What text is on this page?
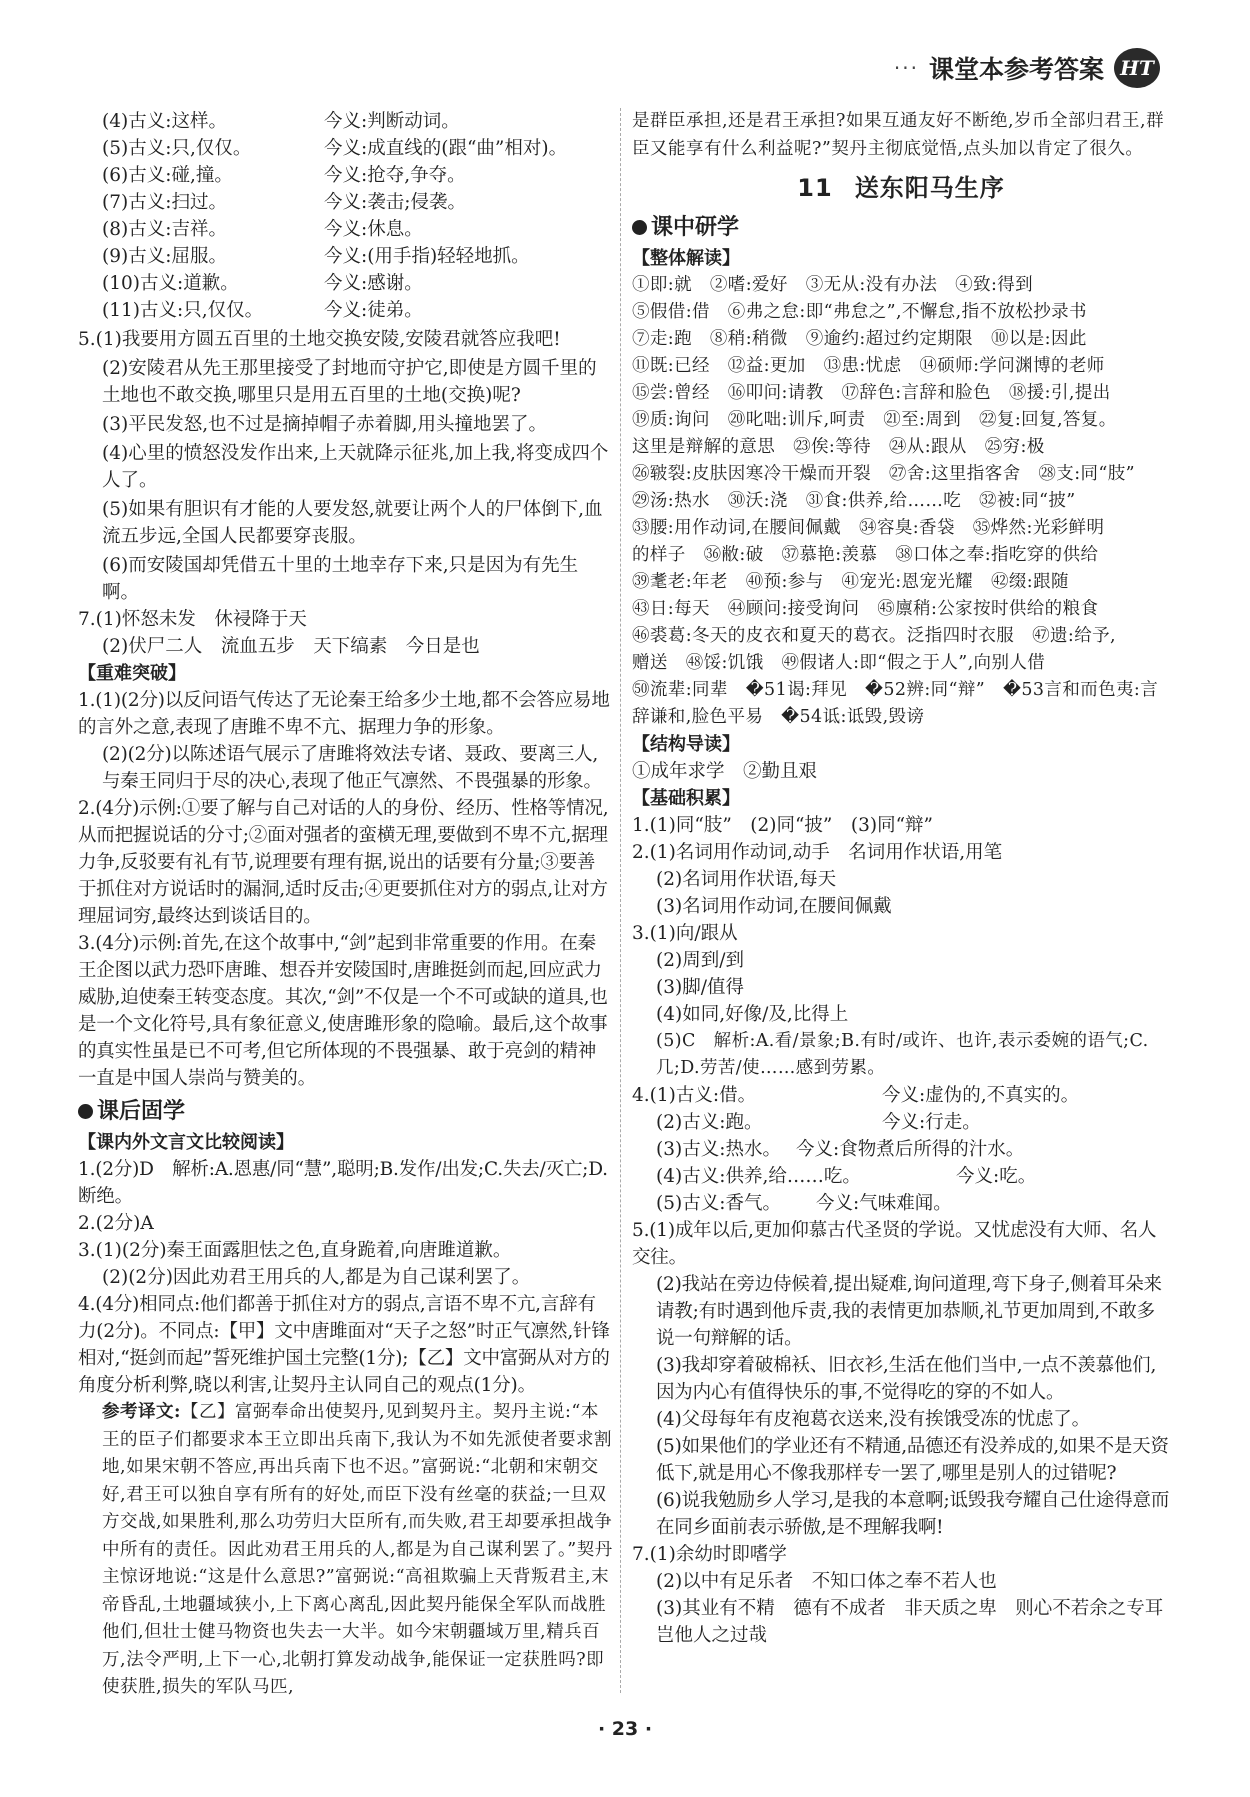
··· 课堂本参考答案 HT
(4)古义:这样。	今义:判断动词。
(5)古义:只,仅仅。	今义:成直线的(跟“曲”相对)。
(6)古义:碰,撞。	今义:抢夺,争夺。
(7)古义:扫过。	今义:袭击;侵袭。
(8)古义:吉祥。	今义:休息。
(9)古义:屈服。	今义:(用手指)轻轻地抓。
(10)古义:道歉。	今义:感谢。
(11)古义:只,仅仅。	今义:徒弟。
5.(1)我要用方圆五百里的土地交换安陵,安陵君就答应我吧!
(2)安陵君从先王那里接受了封地而守护它,即使是方圆千里的土地也不敢交换,哪里只是用五百里的土地(交换)呢?
(3)平民发怒,也不过是摘掉帽子赤着脚,用头撞地罢了。
(4)心里的愤怒没发作出来,上天就降示征兆,加上我,将变成四个人了。
(5)如果有胆识有才能的人要发怒,就要让两个人的尸体倒下,血流五步远,全国人民都要穿丧服。
(6)而安陵国却凭借五十里的土地幸存下来,只是因为有先生啊。
7.(1)怀怒未发　休祲降于天
(2)伏尸二人　流血五步　天下缟素　今日是也
【重难突破】
1.(1)(2分)以反问语气传达了无论秦王给多少土地,都不会答应易地的言外之意,表现了唐雎不卑不亢、据理力争的形象。
(2)(2分)以陈述语气展示了唐雎将效法专诸、聂政、要离三人,与秦王同归于尽的决心,表现了他正气凛然、不畏强暴的形象。
2.(4分)示例:①要了解与自己对话的人的身份、经历、性格等情况,从而把握说话的分寸;②面对强者的蛮横无理,要做到不卑不亢,据理力争,反驳要有礼有节,说理要有理有据,说出的话要有分量;③要善于抓住对方说话时的漏洞,适时反击;④更要抓住对方的弱点,让对方理屈词穷,最终达到谈话目的。
3.(4分)示例:首先,在这个故事中,“剑”起到非常重要的作用。在秦王企图以武力恐吓唐雎、想吞并安陵国时,唐雎挺剑而起,回应武力威胁,迫使秦王转变态度。其次,“剑”不仅是一个不可或缺的道具,也是一个文化符号,具有象征意义,使唐雎形象的隐喻。最后,这个故事的真实性虽是已不可考,但它所体现的不畏强暴、敢于亮剑的精神一直是中国人崇尚与赞美的。
课后固学
【课内外文言文比较阅读】
1.(2分)D　解析:A.恩惠/同“慧”,聪明;B.发作/出发;C.失去/灭亡;D.断绝。
2.(2分)A
3.(1)(2分)秦王面露胆怯之色,直身跪着,向唐雎道歉。
(2)(2分)因此劝君王用兵的人,都是为自己谋利罢了。
4.(4分)相同点:他们都善于抓住对方的弱点,言语不卑不亢,言辞有力(2分)。不同点:【甲】文中唐雎面对“天子之怒”时正气凛然,针锋相对,“挺剑而起”誓死维护国土完整(1分);【乙】文中富弼从对方的角度分析利弊,晓以利害,让契丹主认同自己的观点(1分)。
参考译文:【乙】富弼奉命出使契丹,见到契丹主。契丹主说:“本王的臣子们都要求本王立即出兵南下,我认为不如先派使者要求割地,如果宋朝不答应,再出兵南下也不迟。”富弼说:“北朝和宋朝交好,君王可以独自享有所有的好处,而臣下没有丝毫的获益;一旦双方交战,如果胜利,那么功劳归大臣所有,而失败,君王却要承担战争中所有的责任。因此劝君王用兵的人,都是为自己谋利罢了。”契丹主惊讶地说:“这是什么意思?”富弼说:“高祖欺骗上天背叛君主,末帝昏乱,土地疆域狭小,上下离心离乱,因此契丹能保全军队而战胜他们,但壮士健马物资也失去一大半。如今宋朝疆域万里,精兵百万,法令严明,上下一心,北朝打算发动战争,能保证一定获胜吗?即使获胜,损失的军队马匹,
是群臣承担,还是君王承担?如果互通友好不断绝,岁币全部归君王,群臣又能享有什么利益呢?”契丹主彻底觉悟,点头加以肯定了很久。
11 送东阳马生序
课中研学
【整体解读】
①即:就　②嗜:爱好　③无从:没有办法　④致:得到
⑤假借:借　⑥弗之怠:即“弗怠之”,不懈怠,指不放松抄录书
⑦走:跑　⑧稍:稍微　⑨逾约:超过约定期限　⑩以是:因此
⑪既:已经　⑫益:更加　⑬患:忧虑　⑭硕师:学问渊博的老师
⑮尝:曾经　⑯叩问:请教　⑰辞色:言辞和脸色　⑱援:引,提出
⑲质:询问　⑳叱咄:训斥,呵责　㉑至:周到　㉒复:回复,答复。
这里是辩解的意思　㉓俟:等待　㉔从:跟从　㉕穷:极
㉖皲裂:皮肤因寒冷干燥而开裂　㉗舍:这里指客舍　㉘支:同“肢”
㉙汤:热水　㉚沃:浇　㉛食:供养,给……吃　㉜被:同“披”
㉝腰:用作动词,在腰间佩戴　㉞容臭:香袋　㉟烨然:光彩鲜明
的样子　㊱敝:破　㊲慕艳:羡慕　㊳口体之奉:指吃穿的供给
㊴耄老:年老　㊵预:参与　㊶宠光:恩宠光耀　㊷缀:跟随
㊸日:每天　㊹顾问:接受询问　㊺廪稍:公家按时供给的粮食
㊻裘葛:冬天的皮衣和夏天的葛衣。泛指四时衣服　㊼遗:给予,
赠送　㊽馁:饥饿　㊾假诸人:即“假之于人”,向别人借
㊿流辈:同辈　�51谒:拜见　�52辨:同“辩”　�53言和而色夷:言辞谦和,脸色平易　�54诋:诋毁,毁谤
【结构导读】
①成年求学　②勤且艰
【基础积累】
1.(1)同“肢”　(2)同“披”　(3)同“辩”
2.(1)名词用作动词,动手　名词用作状语,用笔
(2)名词用作状语,每天
(3)名词用作动词,在腰间佩戴
3.(1)向/跟从
(2)周到/到
(3)脚/值得
(4)如同,好像/及,比得上
(5)C　解析:A.看/景象;B.有时/或许、也许,表示委婉的语气;C.几;D.劳苦/使……感到劳累。
4.(1)古义:借。	今义:虚伪的,不真实的。
(2)古义:跑。	今义:行走。
(3)古义:热水。 今义:食物煮后所得的汁水。
(4)古义:供养,给……吃。	今义:吃。
(5)古义:香气。	今义:气味难闻。
5.(1)成年以后,更加仰慕古代圣贤的学说。又忧虑没有大师、名人交往。
(2)我站在旁边侍候着,提出疑难,询问道理,弯下身子,侧着耳朵来请教;有时遇到他斥责,我的表情更加恭顺,礼节更加周到,不敢多说一句辩解的话。
(3)我却穿着破棉袄、旧衣衫,生活在他们当中,一点不羡慕他们,因为内心有值得快乐的事,不觉得吃的穿的不如人。
(4)父母每年有皮袍葛衣送来,没有挨饿受冻的忧虑了。
(5)如果他们的学业还有不精通,品德还有没养成的,如果不是天资低下,就是用心不像我那样专一罢了,哪里是别人的过错呢?
(6)说我勉励乡人学习,是我的本意啊;诋毁我夸耀自己仕途得意而在同乡面前表示骄傲,是不理解我啊!
7.(1)余幼时即嗜学
(2)以中有足乐者　不知口体之奉不若人也
(3)其业有不精　德有不成者　非天质之卑　则心不若余之专耳　岂他人之过哉
· 23 ·
